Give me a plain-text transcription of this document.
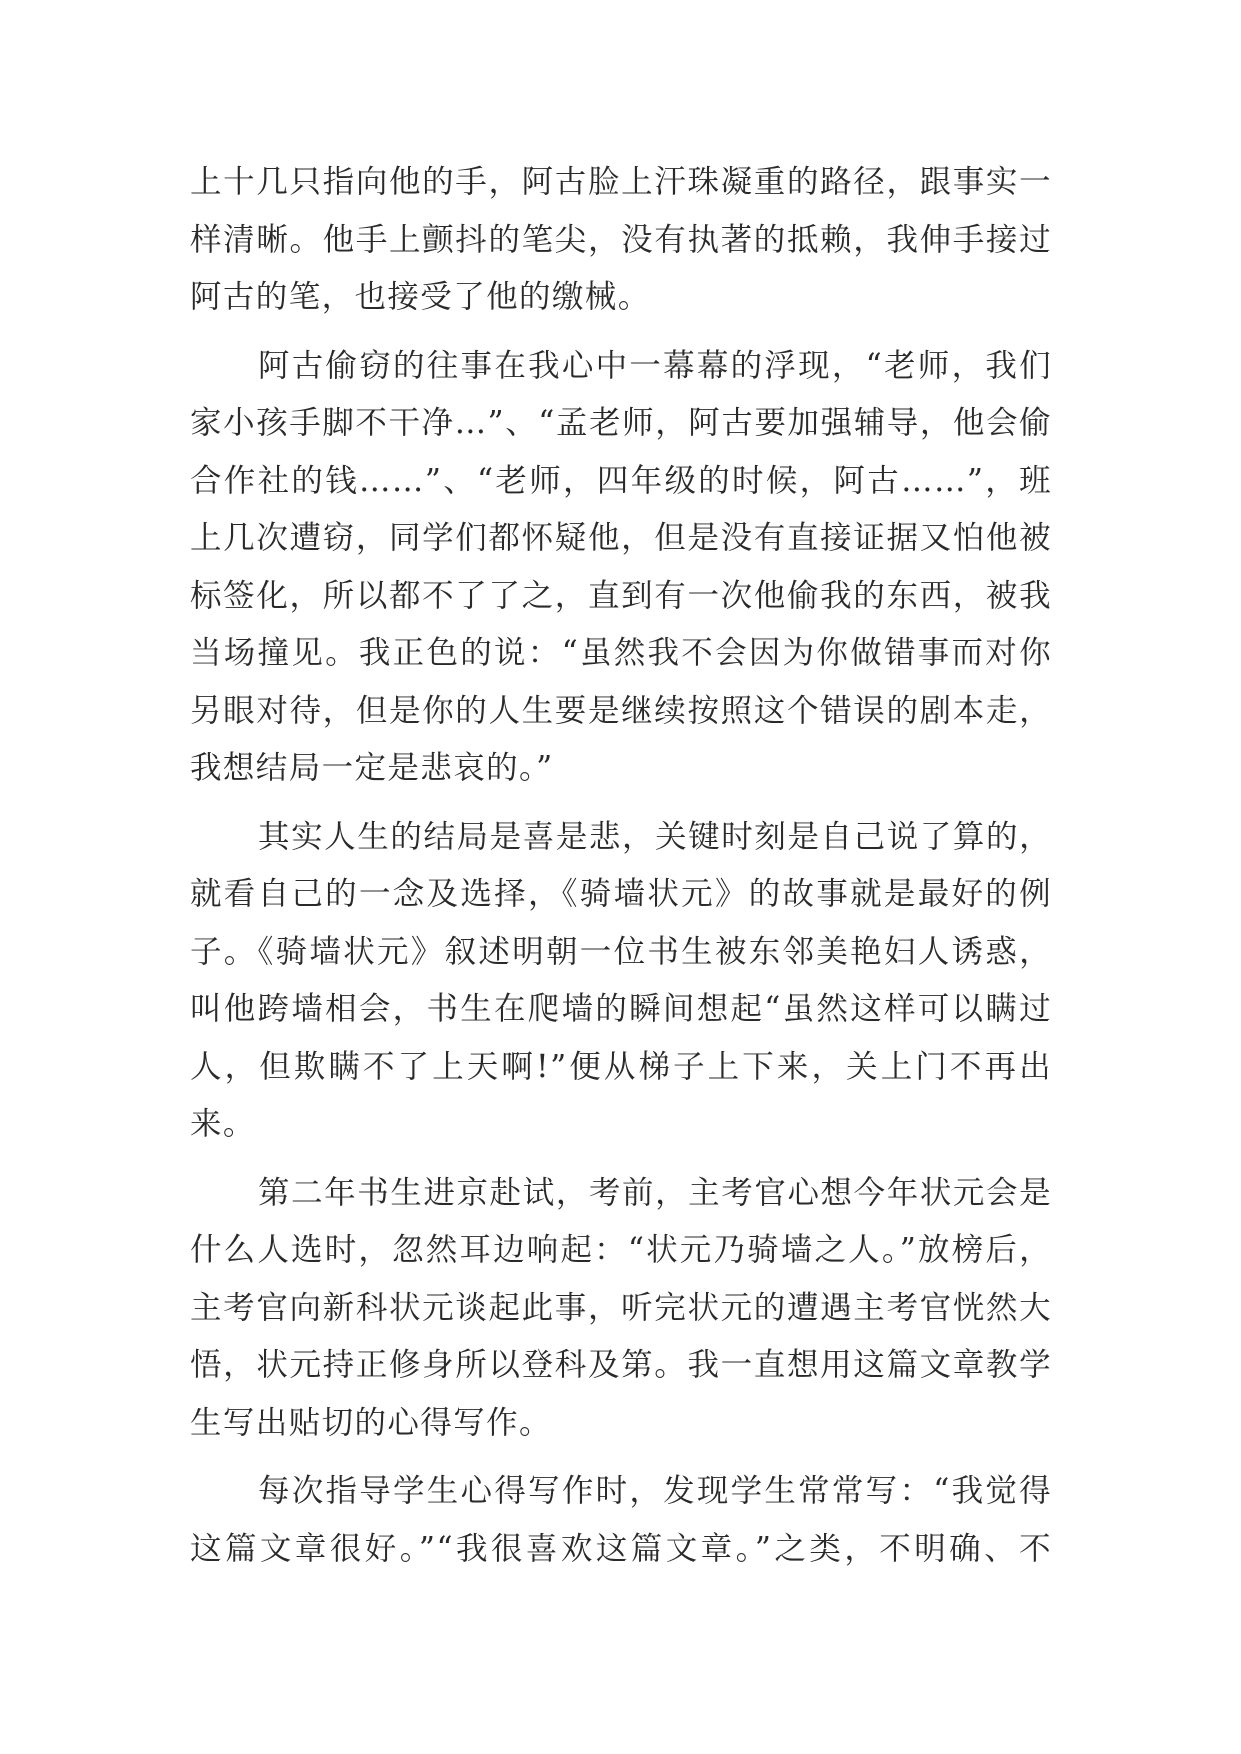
上十几只指向他的手，阿古脸上汗珠凝重的路径，跟事实一
样清晰。他手上颤抖的笔尖，没有执著的抵赖，我伸手接过
阿古的笔，也接受了他的缴械。
阿古偷窃的往事在我心中一幕幕的浮现，“老师，我们
家小孩手脚不干净…”、“孟老师，阿古要加强辅导，他会偷
合作社的钱……”、“老师，四年级的时候，阿古……”，班
上几次遭窃，同学们都怀疑他，但是没有直接证据又怕他被
标签化，所以都不了了之，直到有一次他偷我的东西，被我
当场撞见。我正色的说：“虽然我不会因为你做错事而对你
另眼对待，但是你的人生要是继续按照这个错误的剧本走，
我想结局一定是悲哀的。”
其实人生的结局是喜是悲，关键时刻是自己说了算的，
就看自己的一念及选择，《骑墙状元》的故事就是最好的例
子。《骑墙状元》叙述明朝一位书生被东邻美艳妇人诱惑，
叫他跨墙相会，书生在爬墙的瞬间想起“虽然这样可以瞒过
人，但欺瞒不了上天啊!”便从梯子上下来，关上门不再出
来。
第二年书生进京赴试，考前，主考官心想今年状元会是
什么人选时，忽然耳边响起：“状元乃骑墙之人。”放榜后，
主考官向新科状元谈起此事，听完状元的遭遇主考官恍然大
悟，状元持正修身所以登科及第。我一直想用这篇文章教学
生写出贴切的心得写作。
每次指导学生心得写作时，发现学生常常写：“我觉得
这篇文章很好。”“我很喜欢这篇文章。”之类，不明确、不
